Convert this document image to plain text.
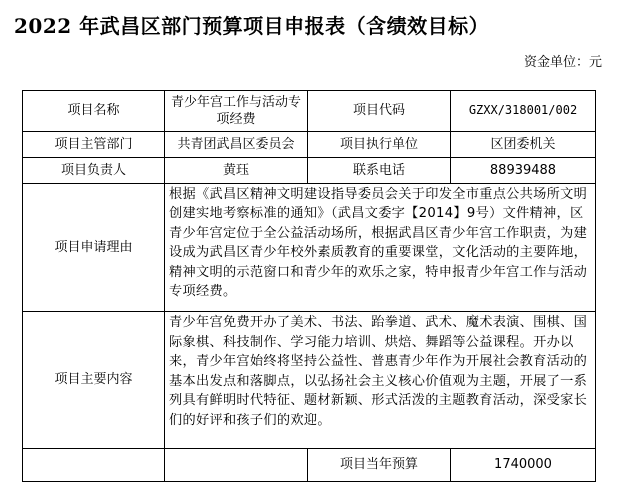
2022 年武昌区部门预算项目申报表（含绩效目标）
资金单位：元
项目名称	青少年宫工作与活动专项经费	项目代码	GZXX/318001/002
项目主管部门	共青团武昌区委员会	项目执行单位	区团委机关
项目负责人	黄珏	联系电话	88939488
项目申请理由	根据《武昌区精神文明建设指导委员会关于印发全市重点公共场所文明创建实地考察标准的通知》（武昌文委字【2014】9号）文件精神，区青少年宫定位于全公益活动场所，根据武昌区青少年宫工作职责，为建设成为武昌区青少年校外素质教育的重要课堂，文化活动的主要阵地，精神文明的示范窗口和青少年的欢乐之家，特申报青少年宫工作与活动专项经费。		
项目主要内容	青少年宫免费开办了美术、书法、跆拳道、武术、魔术表演、围棋、国际象棋、科技制作、学习能力培训、烘焙、舞蹈等公益课程。开办以来，青少年宫始终将坚持公益性、普惠青少年作为开展社会教育活动的基本出发点和落脚点，以弘扬社会主义核心价值观为主题，开展了一系列具有鲜明时代特征、题材新颖、形式活泼的主题教育活动，深受家长们的好评和孩子们的欢迎。		
		项目当年预算	1740000
